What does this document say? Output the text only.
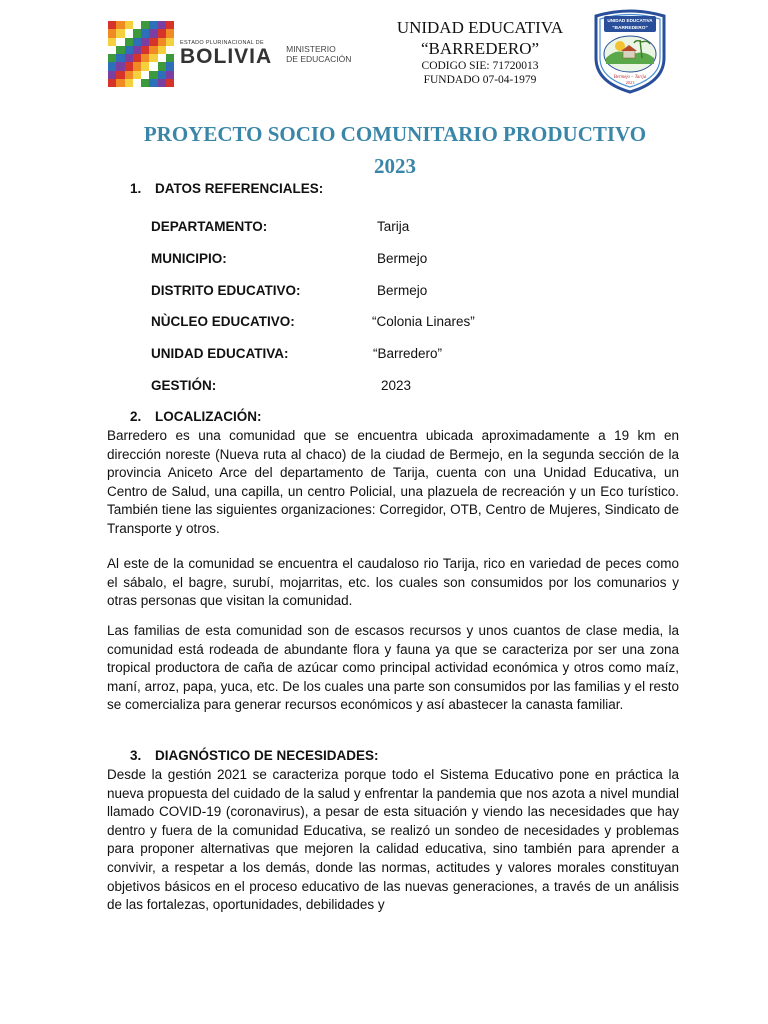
ESTADO PLURINACIONAL DE
BOLIVIA MINISTERIO
DE EDUCACIÓN
UNIDAD EDUCATIVA
“BARREDERO”
CODIGO SIE: 71720013
FUNDADO 07-04-1979
UNIDAD EDUCATIVA
"BARREDERO"
Bermejo – Tarija
2023
PROYECTO SOCIO COMUNITARIO PRODUCTIVO
2023
1. DATOS REFERENCIALES:
DEPARTAMENTO:	Tarija
MUNICIPIO:	Bermejo
DISTRITO EDUCATIVO:	Bermejo
NÙCLEO EDUCATIVO:	“Colonia Linares”
UNIDAD EDUCATIVA:	“Barredero”
GESTIÓN:	2023
2. LOCALIZACIÓN:

Barredero es una comunidad que se encuentra ubicada aproximadamente a 19 km en dirección noreste (Nueva ruta al chaco) de la ciudad de Bermejo, en la segunda sección de la provincia Aniceto Arce del departamento de Tarija, cuenta con una Unidad Educativa, un Centro de Salud, una capilla, un centro Policial, una plazuela de recreación y un Eco turístico. También tiene las siguientes organizaciones: Corregidor, OTB, Centro de Mujeres, Sindicato de Transporte y otros.

Al este de la comunidad se encuentra el caudaloso rio Tarija, rico en variedad de peces como el sábalo, el bagre, surubí, mojarritas, etc. los cuales son consumidos por los comunarios y otras personas que visitan la comunidad.

Las familias de esta comunidad son de escasos recursos y unos cuantos de clase media, la comunidad está rodeada de abundante flora y fauna ya que se caracteriza por ser una zona tropical productora de caña de azúcar como principal actividad económica y otros como maíz, maní, arroz, papa, yuca, etc. De los cuales una parte son consumidos por las familias y el resto se comercializa para generar recursos económicos y así abastecer la canasta familiar.

3. DIAGNÓSTICO DE NECESIDADES:

Desde la gestión 2021 se caracteriza porque todo el Sistema Educativo pone en práctica la nueva propuesta del cuidado de la salud y enfrentar la pandemia que nos azota a nivel mundial llamado COVID-19 (coronavirus), a pesar de esta situación y viendo las necesidades que hay dentro y fuera de la comunidad Educativa, se realizó un sondeo de necesidades y problemas para proponer alternativas que mejoren la calidad educativa, sino también para aprender a convivir, a respetar a los demás, donde las normas, actitudes y valores morales constituyan objetivos básicos en el proceso educativo de las nuevas generaciones, a través de un análisis de las fortalezas, oportunidades, debilidades y
